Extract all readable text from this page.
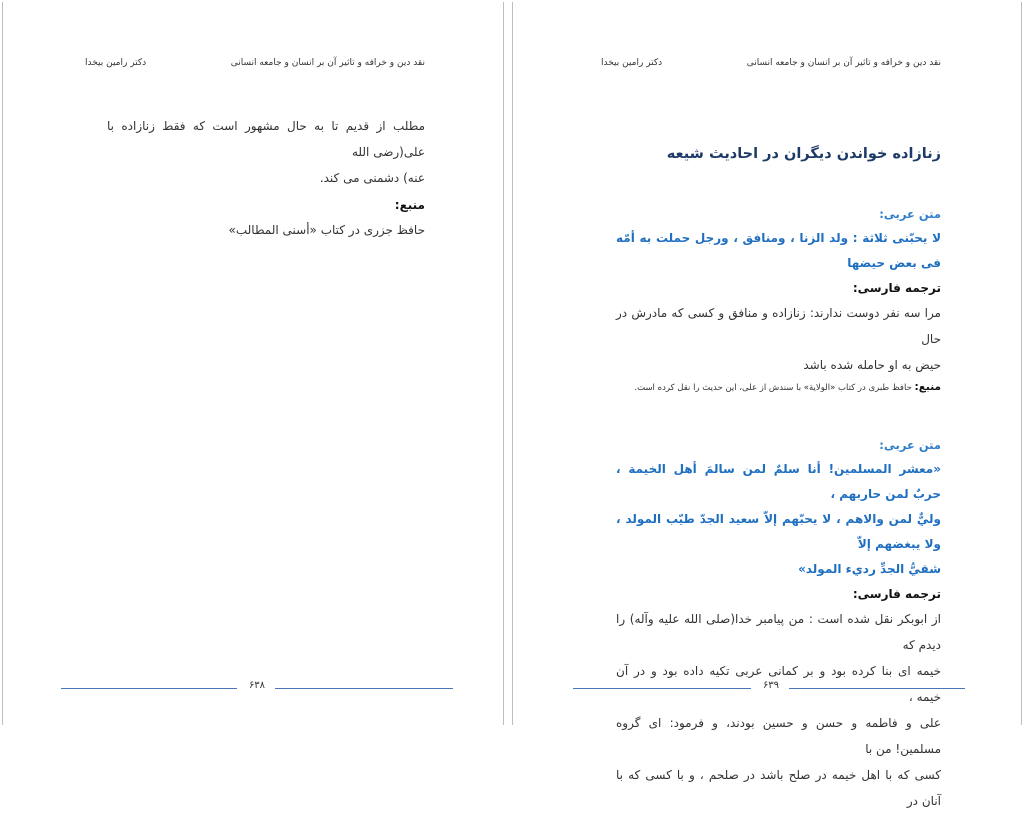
نقد دین و خرافه و تاثیر آن بر انسان و جامعه انسانی
دکتر رامین بیخدا

مطلب از قدیم تا به حال مشهور است که فقط زنازاده با علی(رضی الله

عنه) دشمنی می کند.

منبع:

حافظ جزری در کتاب «أسنى المطالب»

۶۳۸
نقد دین و خرافه و تاثیر آن بر انسان و جامعه انسانی
دکتر رامین بیخدا

زنازاده خواندن دیگران در احادیث شیعه

متن عربی:

لا يحبّنى ثلاثة : ولد الزنا ، ومنافق ، ورجل حملت به أمّه فى بعض حيضها

ترجمه فارسی:

مرا سه نفر دوست ندارند: زنازاده و منافق و کسی که مادرش در حال

حیض به او حامله شده باشد

منبع: حافظ طبری در کتاب «الولایة» با سندش از علی، این حدیث را نقل کرده است.

متن عربی:

«معشر المسلمين! أنا سلمٌ لمن سالمَ أهل الخيمة ، حربٌ لمن حاربهم ،

وليٌّ لمن والاهم ، لا يحبّهم إلاّ سعيد الجدّ طيّب المولد ، ولا يبغضهم إلاّ

شقيُّ الجدِّ رديء المولد»

ترجمه فارسی:

از ابوبکر نقل شده است : من پیامبر خدا(صلی الله علیه وآله) را دیدم که

خیمه ای بنا کرده بود و بر کمانی عربی تکیه داده بود و در آن خیمه ،

علی و فاطمه و حسن و حسین بودند، و فرمود: ای گروه مسلمین! من با

کسی که با اهل خیمه در صلح باشد در صلحم ، و با کسی که با آنان در

۶۳۹
